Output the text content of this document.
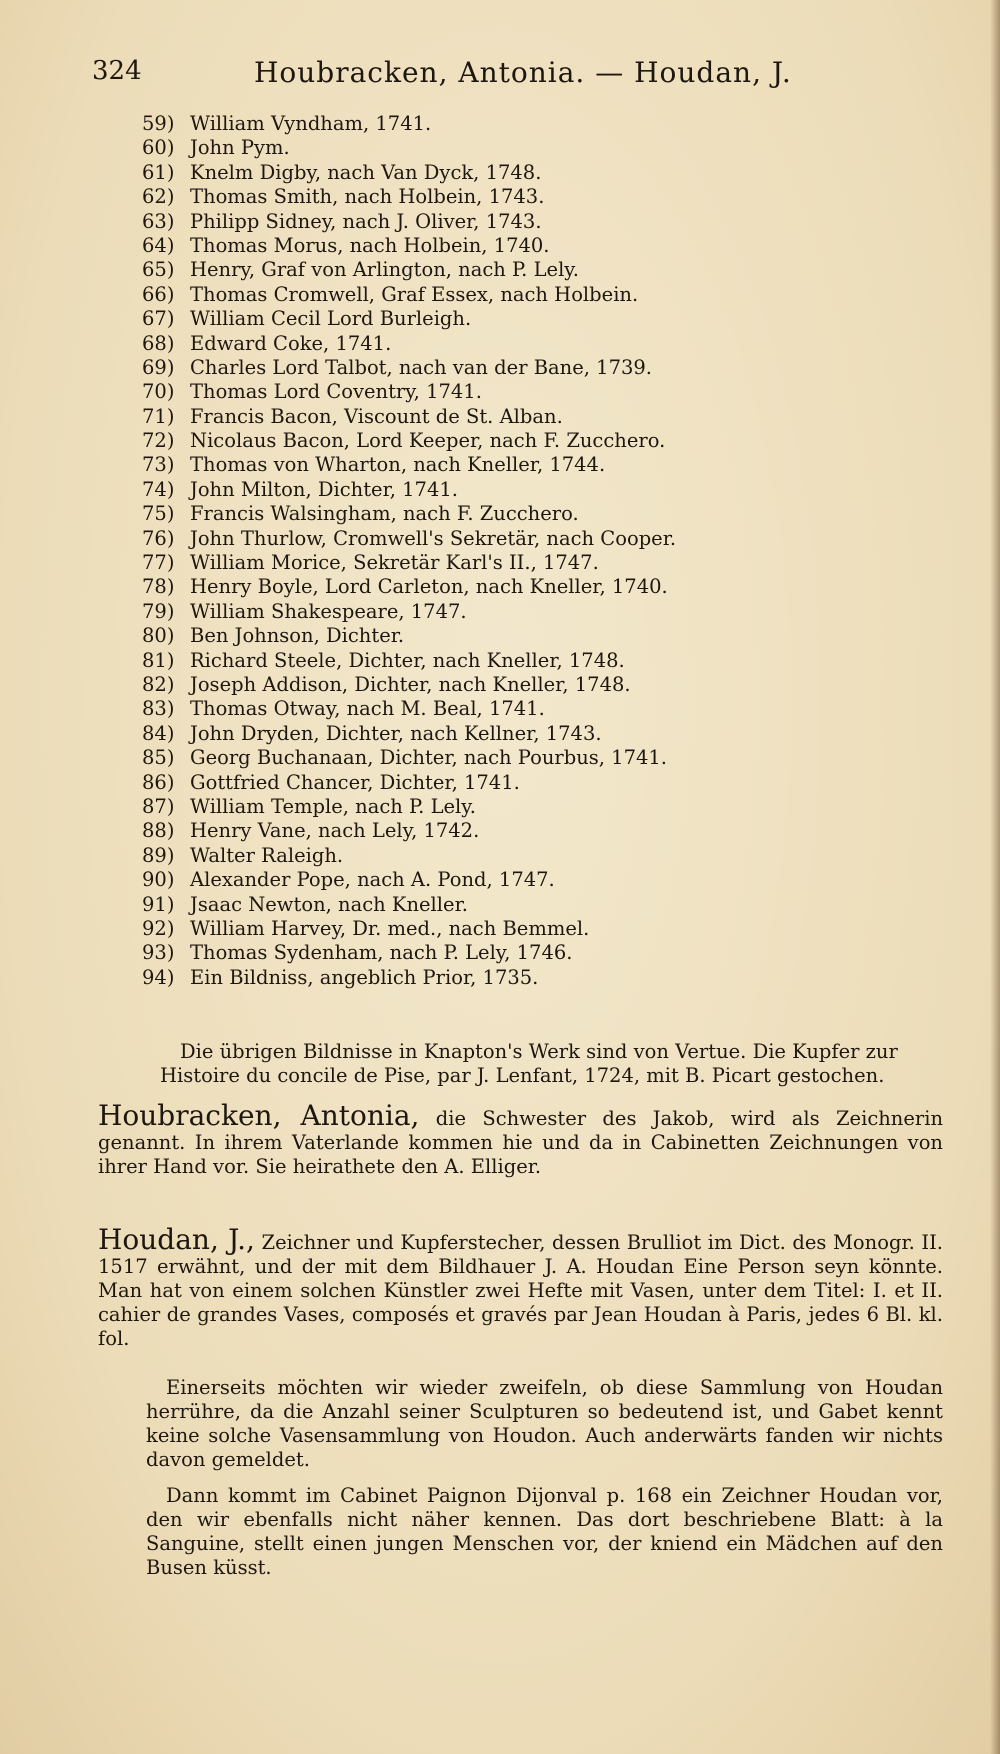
324	Houbracken, Antonia. — Houdan, J.
59) William Vyndham, 1741.
60) John Pym.
61) Knelm Digby, nach Van Dyck, 1748.
62) Thomas Smith, nach Holbein, 1743.
63) Philipp Sidney, nach J. Oliver, 1743.
64) Thomas Morus, nach Holbein, 1740.
65) Henry, Graf von Arlington, nach P. Lely.
66) Thomas Cromwell, Graf Essex, nach Holbein.
67) William Cecil Lord Burleigh.
68) Edward Coke, 1741.
69) Charles Lord Talbot, nach van der Bane, 1739.
70) Thomas Lord Coventry, 1741.
71) Francis Bacon, Viscount de St. Alban.
72) Nicolaus Bacon, Lord Keeper, nach F. Zucchero.
73) Thomas von Wharton, nach Kneller, 1744.
74) John Milton, Dichter, 1741.
75) Francis Walsingham, nach F. Zucchero.
76) John Thurlow, Cromwell's Sekretär, nach Cooper.
77) William Morice, Sekretär Karl's II., 1747.
78) Henry Boyle, Lord Carleton, nach Kneller, 1740.
79) William Shakespeare, 1747.
80) Ben Johnson, Dichter.
81) Richard Steele, Dichter, nach Kneller, 1748.
82) Joseph Addison, Dichter, nach Kneller, 1748.
83) Thomas Otway, nach M. Beal, 1741.
84) John Dryden, Dichter, nach Kellner, 1743.
85) Georg Buchanaan, Dichter, nach Pourbus, 1741.
86) Gottfried Chancer, Dichter, 1741.
87) William Temple, nach P. Lely.
88) Henry Vane, nach Lely, 1742.
89) Walter Raleigh.
90) Alexander Pope, nach A. Pond, 1747.
91) Jsaac Newton, nach Kneller.
92) William Harvey, Dr. med., nach Bemmel.
93) Thomas Sydenham, nach P. Lely, 1746.
94) Ein Bildniss, angeblich Prior, 1735.

Die übrigen Bildnisse in Knapton's Werk sind von Vertue. Die Kupfer zur Histoire du concile de Pise, par J. Lenfant, 1724, mit B. Picart gestochen.

Houbracken, Antonia, die Schwester des Jakob, wird als Zeichnerin genannt. In ihrem Vaterlande kommen hie und da in Cabinetten Zeichnungen von ihrer Hand vor. Sie heirathete den A. Elliger.

Houdan, J., Zeichner und Kupferstecher, dessen Brulliot im Dict. des Monogr. II. 1517 erwähnt, und der mit dem Bildhauer J. A. Houdan Eine Person seyn könnte. Man hat von einem solchen Künstler zwei Hefte mit Vasen, unter dem Titel: I. et II. cahier de grandes Vases, composés et gravés par Jean Houdan à Paris, jedes 6 Bl. kl. fol.

Einerseits möchten wir wieder zweifeln, ob diese Sammlung von Houdan herrühre, da die Anzahl seiner Sculpturen so bedeutend ist, und Gabet kennt keine solche Vasensammlung von Houdon. Auch anderwärts fanden wir nichts davon gemeldet.

Dann kommt im Cabinet Paignon Dijonval p. 168 ein Zeichner Houdan vor, den wir ebenfalls nicht näher kennen. Das dort beschriebene Blatt: à la Sanguine, stellt einen jungen Menschen vor, der kniend ein Mädchen auf den Busen küsst.
